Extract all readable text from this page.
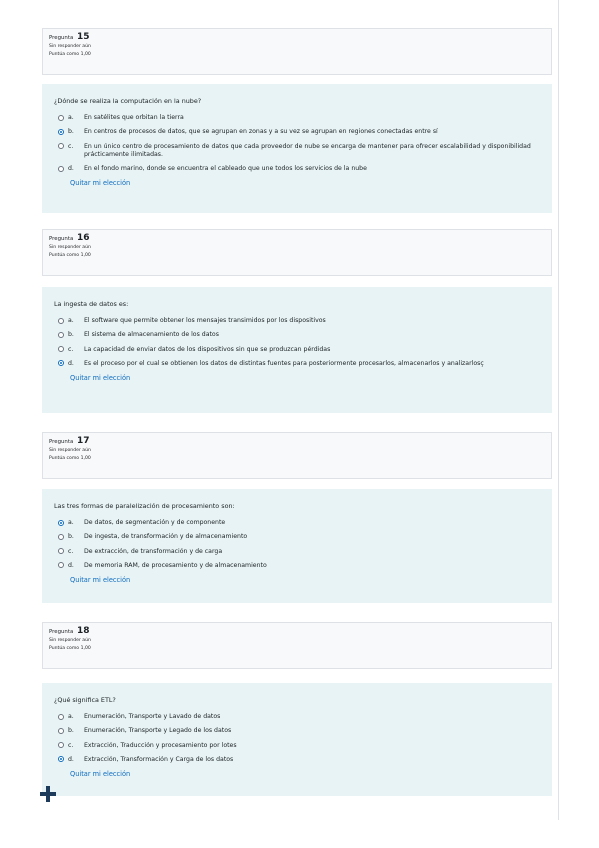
Pregunta 15
Sin responder aún
Puntúa como 1,00
¿Dónde se realiza la computación en la nube?
a. En satélites que orbitan la tierra
b. En centros de procesos de datos, que se agrupan en zonas y a su vez se agrupan en regiones conectadas entre sí
c. En un único centro de procesamiento de datos que cada proveedor de nube se encarga de mantener para ofrecer escalabilidad y disponibilidad prácticamente ilimitadas.
d. En el fondo marino, donde se encuentra el cableado que une todos los servicios de la nube
Quitar mi elección
Pregunta 16
Sin responder aún
Puntúa como 1,00
La ingesta de datos es:
a. El software que permite obtener los mensajes transimidos por los dispositivos
b. El sistema de almacenamiento de los datos
c. La capacidad de enviar datos de los dispositivos sin que se produzcan pérdidas
d. Es el proceso por el cual se obtienen los datos de distintas fuentes para posteriormente procesarlos, almacenarlos y analizarlosç
Quitar mi elección
Pregunta 17
Sin responder aún
Puntúa como 1,00
Las tres formas de paralelización de procesamiento son:
a. De datos, de segmentación y de componente
b. De ingesta, de transformación y de almacenamiento
c. De extracción, de transformación y de carga
d. De memoria RAM, de procesamiento y de almacenamiento
Quitar mi elección
Pregunta 18
Sin responder aún
Puntúa como 1,00
¿Qué significa ETL?
a. Enumeración, Transporte y Lavado de datos
b. Enumeración, Transporte y Legado de los datos
c. Extracción, Traducción y procesamiento por lotes
d. Extracción, Transformación y Carga de los datos
Quitar mi elección
